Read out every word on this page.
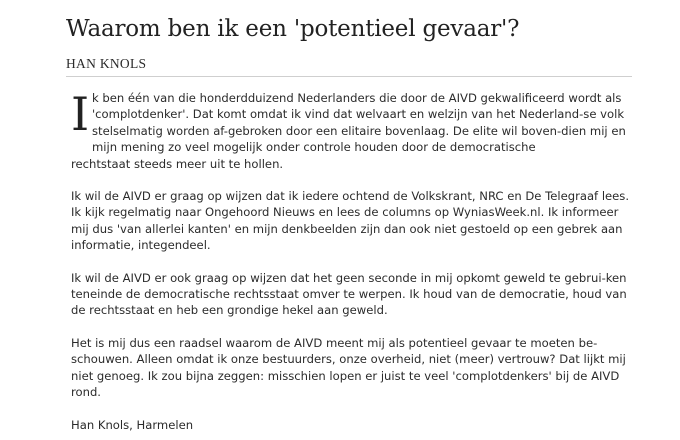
Waarom ben ik een 'potentieel gevaar'?
HAN KNOLS
I k ben één van die honderdduizend Nederlanders die door de AIVD gekwalificeerd wordt als 'complotdenker'. Dat komt omdat ik vind dat welvaart en welzijn van het Nederland-se volk stelselmatig worden af-gebroken door een elitaire bovenlaag. De elite wil boven-dien mij en mijn mening zo veel mogelijk onder controle houden door de democratische
rechtstaat steeds meer uit te hollen.

Ik wil de AIVD er graag op wijzen dat ik iedere ochtend de Volkskrant, NRC en De Telegraaf lees. Ik kijk regelmatig naar Ongehoord Nieuws en lees de columns op WyniasWeek.nl. Ik informeer mij dus 'van allerlei kanten' en mijn denkbeelden zijn dan ook niet gestoeld op een gebrek aan informatie, integendeel.

Ik wil de AIVD er ook graag op wijzen dat het geen seconde in mij opkomt geweld te gebrui-ken teneinde de democratische rechtsstaat omver te werpen. Ik houd van de democratie, houd van de rechtsstaat en heb een grondige hekel aan geweld.

Het is mij dus een raadsel waarom de AIVD meent mij als potentieel gevaar te moeten be-schouwen. Alleen omdat ik onze bestuurders, onze overheid, niet (meer) vertrouw? Dat lijkt mij niet genoeg. Ik zou bijna zeggen: misschien lopen er juist te veel 'complotdenkers' bij de AIVD rond.

Han Knols, Harmelen
